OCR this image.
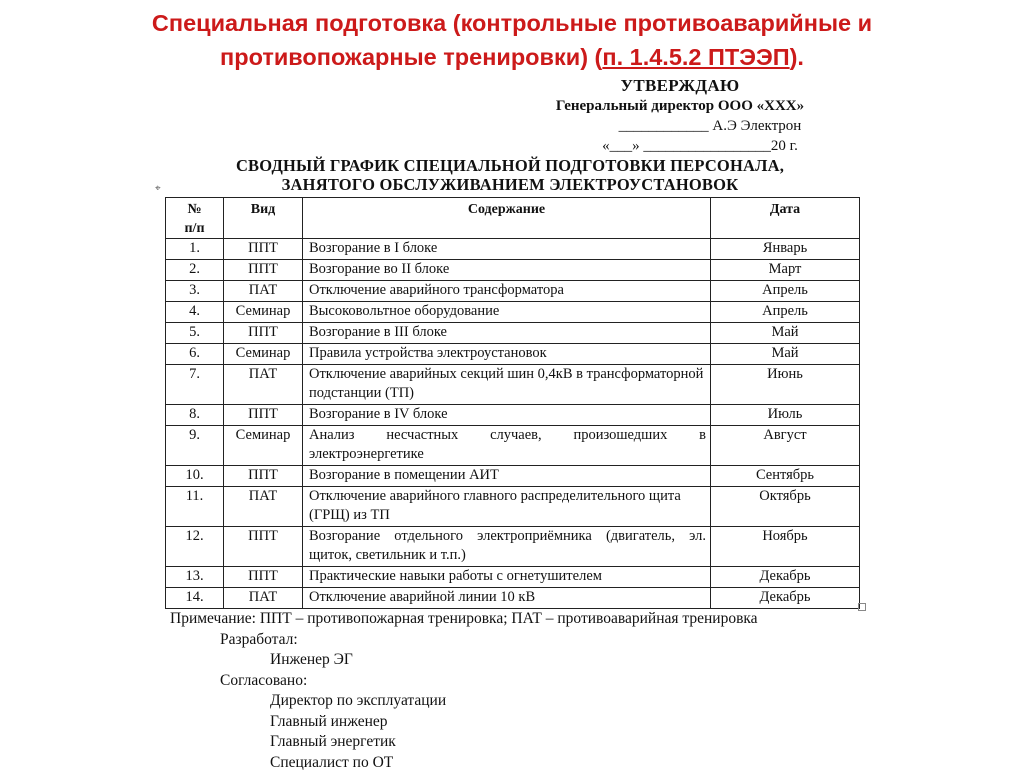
Специальная подготовка (контрольные противоаварийные и
противопожарные тренировки) (п. 1.4.5.2 ПТЭЭП).
УТВЕРЖДАЮ
Генеральный директор ООО «ХХХ»
____________ А.Э Электрон
«___» _________________20 г.
СВОДНЫЙ ГРАФИК СПЕЦИАЛЬНОЙ ПОДГОТОВКИ ПЕРСОНАЛА,
ЗАНЯТОГО ОБСЛУЖИВАНИЕМ ЭЛЕКТРОУСТАНОВОК
⌖
№
п/п	Вид	Содержание	Дата
1.	ППТ	Возгорание в I блоке	Январь
2.	ППТ	Возгорание во II блоке	Март
3.	ПАТ	Отключение аварийного трансформатора	Апрель
4.	Семинар	Высоковольтное оборудование	Апрель
5.	ППТ	Возгорание в III блоке	Май
6.	Семинар	Правила устройства электроустановок	Май
7.	ПАТ	Отключение аварийных секций шин 0,4кВ в трансформаторной подстанции (ТП)	Июнь
8.	ППТ	Возгорание в IV блоке	Июль
9.	Семинар	Анализ несчастных случаев, произошедших в электроэнергетике	Август
10.	ППТ	Возгорание в помещении АИТ	Сентябрь
11.	ПАТ	Отключение аварийного главного распределительного щита (ГРЩ) из ТП	Октябрь
12.	ППТ	Возгорание отдельного электроприёмника (двигатель, эл. щиток, светильник и т.п.)	Ноябрь
13.	ППТ	Практические навыки работы с огнетушителем	Декабрь
14.	ПАТ	Отключение аварийной линии 10 кВ	Декабрь
Примечание: ППТ – противопожарная тренировка; ПАТ – противоаварийная тренировка
Разработал:
Инженер ЭГ
Согласовано:
Директор по эксплуатации
Главный инженер
Главный энергетик
Специалист по ОТ
